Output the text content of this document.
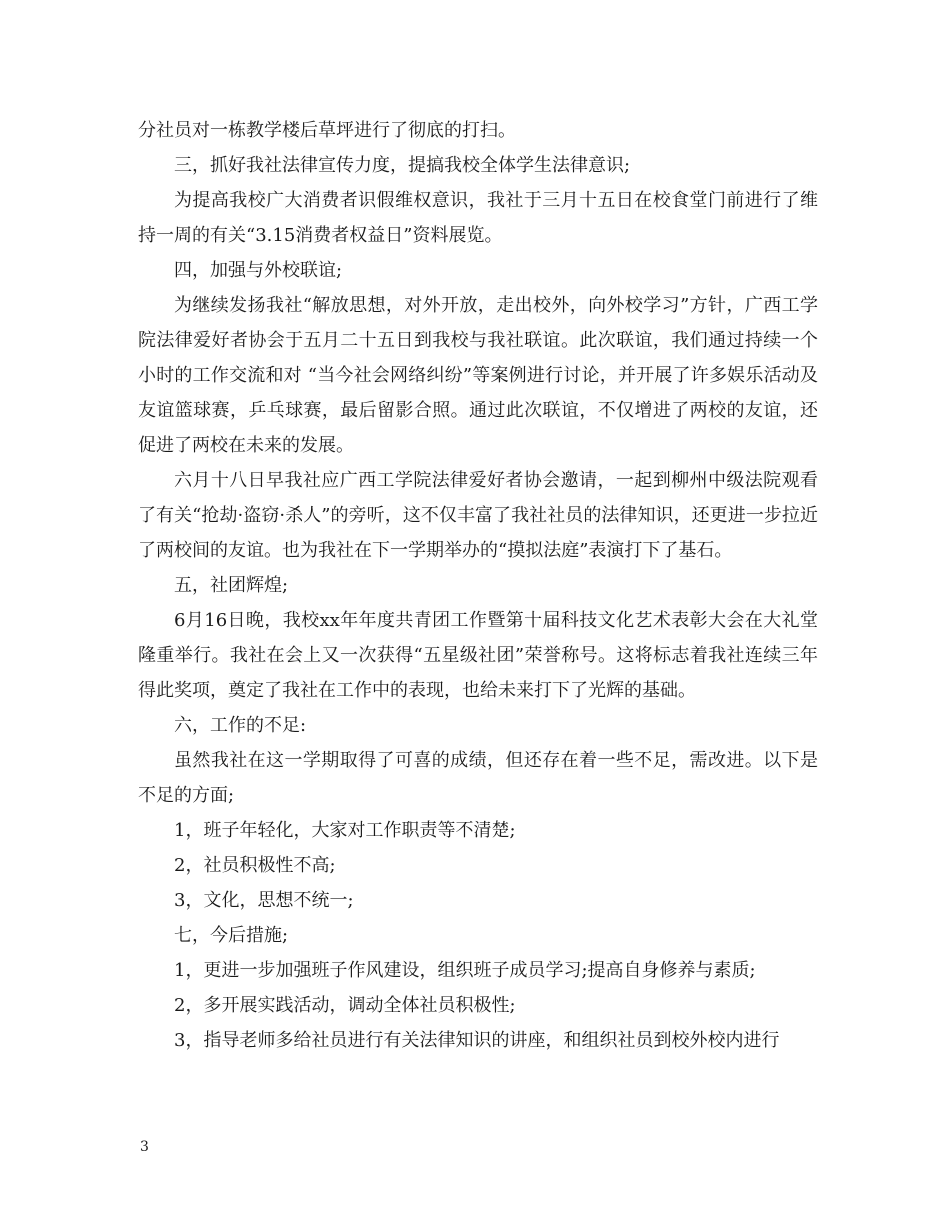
分社员对一栋教学楼后草坪进行了彻底的打扫。

三，抓好我社法律宣传力度，提搞我校全体学生法律意识;

为提高我校广大消费者识假维权意识，我社于三月十五日在校食堂门前进行了维持一周的有关“3.15消费者权益日”资料展览。

四，加强与外校联谊;

为继续发扬我社“解放思想，对外开放，走出校外，向外校学习”方针，广西工学院法律爱好者协会于五月二十五日到我校与我社联谊。此次联谊，我们通过持续一个小时的工作交流和对 “当今社会网络纠纷”等案例进行讨论，并开展了许多娱乐活动及友谊篮球赛，乒乓球赛，最后留影合照。通过此次联谊，不仅增进了两校的友谊，还促进了两校在未来的发展。

六月十八日早我社应广西工学院法律爱好者协会邀请，一起到柳州中级法院观看了有关“抢劫·盗窃·杀人”的旁听，这不仅丰富了我社社员的法律知识，还更进一步拉近了两校间的友谊。也为我社在下一学期举办的“摸拟法庭”表演打下了基石。

五，社团辉煌;

6月16日晚，我校xx年年度共青团工作暨第十届科技文化艺术表彰大会在大礼堂隆重举行。我社在会上又一次获得“五星级社团”荣誉称号。这将标志着我社连续三年得此奖项，奠定了我社在工作中的表现，也给未来打下了光辉的基础。

六，工作的不足:

虽然我社在这一学期取得了可喜的成绩，但还存在着一些不足，需改进。以下是不足的方面;

1，班子年轻化，大家对工作职责等不清楚;

2，社员积极性不高;

3，文化，思想不统一;

七，今后措施;

1，更进一步加强班子作风建设，组织班子成员学习;提高自身修养与素质;

2，多开展实践活动，调动全体社员积极性;

3，指导老师多给社员进行有关法律知识的讲座，和组织社员到校外校内进行

3
